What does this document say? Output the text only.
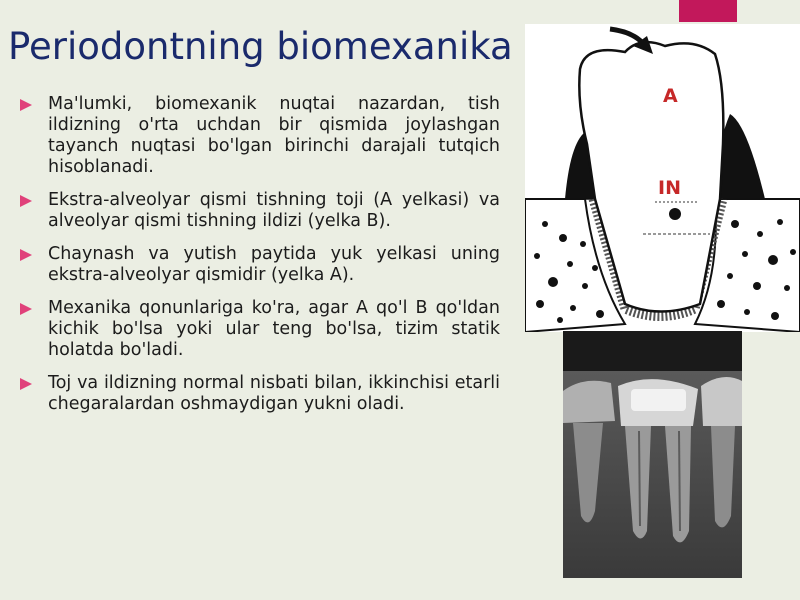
Periodontning biomexanika
Ma'lumki, biomexanik nuqtai nazardan, tish ildizning o'rta uchdan bir qismida joylashgan tayanch nuqtasi bo'lgan birinchi darajali tutqich hisoblanadi.
Ekstra-alveolyar qismi tishning toji (A yelkasi) va alveolyar qismi tishning ildizi (yelka B).
Chaynash va yutish paytida yuk yelkasi uning ekstra-alveolyar qismidir (yelka A).
Mexanika qonunlariga ko'ra, agar A qo'l B qo'ldan kichik bo'lsa yoki ular teng bo'lsa, tizim statik holatda bo'ladi.
Toj va ildizning normal nisbati bilan, ikkinchisi etarli chegaralardan oshmaydigan yukni oladi.
A
IN
